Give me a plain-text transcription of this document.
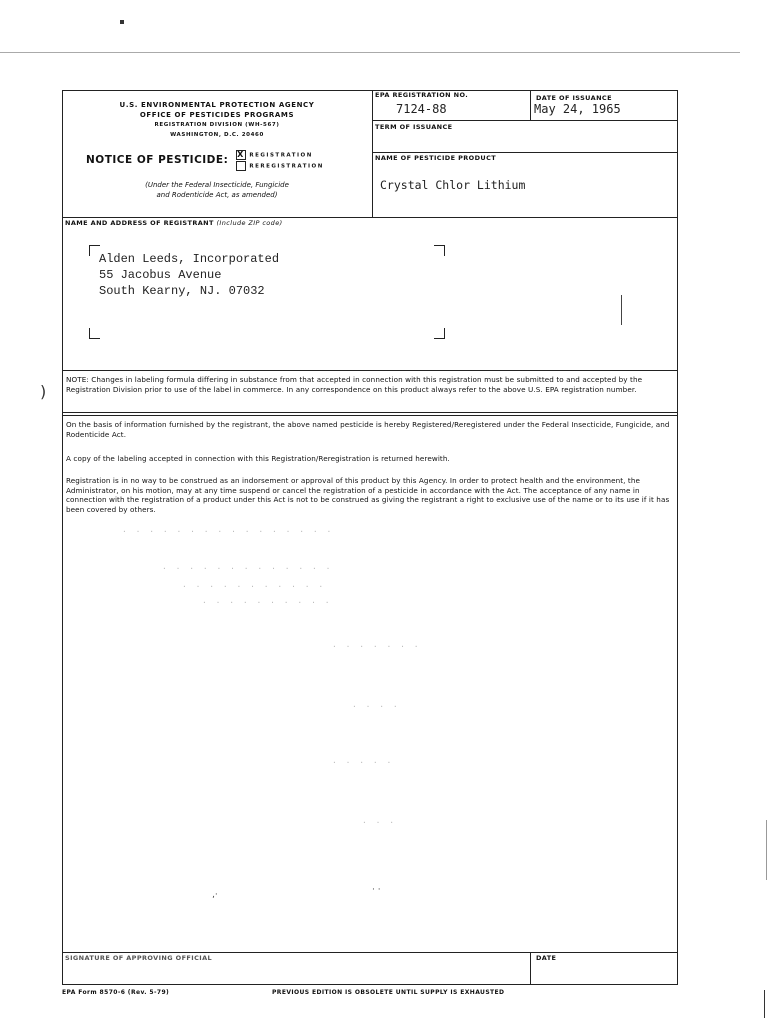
U.S. ENVIRONMENTAL PROTECTION AGENCY
OFFICE OF PESTICIDES PROGRAMS
REGISTRATION DIVISION (WH-567)
WASHINGTON, D.C. 20460
NOTICE OF PESTICIDE: X REGISTRATION
REREGISTRATION
(Under the Federal Insecticide, Fungicide
and Rodenticide Act, as amended)
EPA REGISTRATION NO.
7124-88
DATE OF ISSUANCE
May 24, 1965
TERM OF ISSUANCE
NAME OF PESTICIDE PRODUCT
Crystal Chlor Lithium
NAME AND ADDRESS OF REGISTRANT (Include ZIP code)
Alden Leeds, Incorporated
55 Jacobus Avenue
South Kearny, NJ. 07032
NOTE: Changes in labeling formula differing in substance from that accepted in connection with this registration must be submitted to and accepted by the Registration Division prior to use of the label in commerce. In any correspondence on this product always refer to the above U.S. EPA registration number.
On the basis of information furnished by the registrant, the above named pesticide is hereby Registered/Reregistered under the Federal Insecticide, Fungicide, and Rodenticide Act.
A copy of the labeling accepted in connection with this Registration/Reregistration is returned herewith.
Registration is in no way to be construed as an indorsement or approval of this product by this Agency. In order to protect health and the environment, the Administrator, on his motion, may at any time suspend or cancel the registration of a pesticide in accordance with the Act. The acceptance of any name in connection with the registration of a product under this Act is not to be construed as giving the registrant a right to exclusive use of the name or to its use if it has been covered by others.
· · · · · · · · · · · · · · · ·
· · · · · · · · · · · · ·
· · · · · · · · · · ·
· · · · · · · · · ·
· · · · · · ·
· · · ·
· · · · ·
· · ·
‚·	· ·
SIGNATURE OF APPROVING OFFICIAL	DATE
EPA Form 8570-6 (Rev. 5-79)	PREVIOUS EDITION IS OBSOLETE UNTIL SUPPLY IS EXHAUSTED
)
